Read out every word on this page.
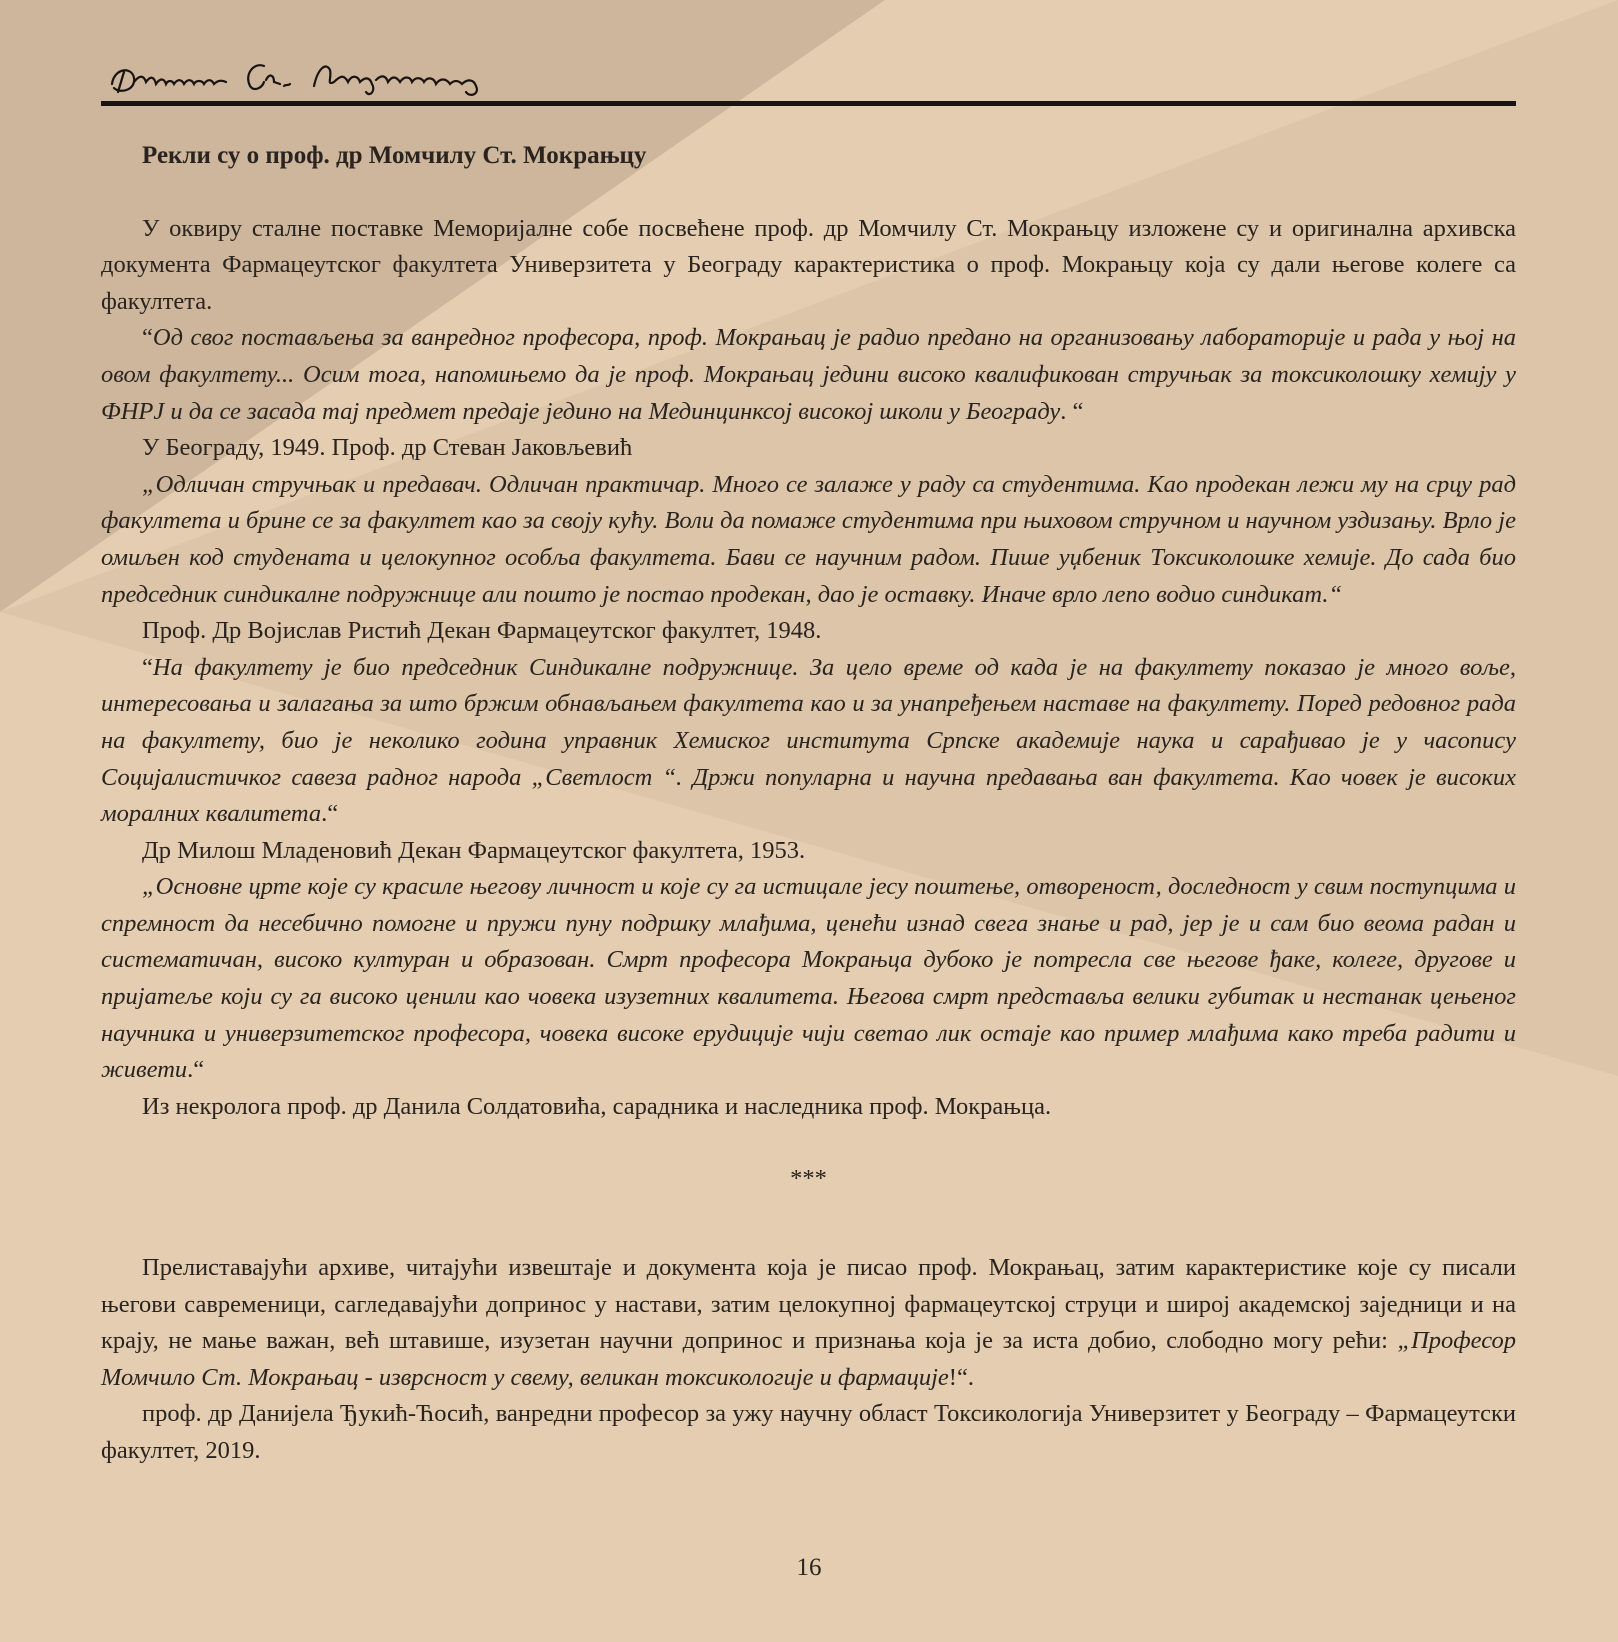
Рекли су о проф. др Момчилу Ст. Мокрањцу

У оквиру сталне поставке Меморијалне собе посвећене проф. др Момчилу Ст. Мокрањцу изложене су и оригинална архивска документа Фармацеутског факултета Универзитета у Београду карактеристика о проф. Мокрањцу која су дали његове колеге са факултета.

“Од свог постављења за ванредног професора, проф. Мокрањац је радио предано на организовању лабораторије и рада у њој на овом факултету... Осим тога, напомињемо да је проф. Мокрањац једини високо квалификован стручњак за токсиколошку хемију у ФНРЈ и да се засада тај предмет предаје једино на Мединцинксој високој школи у Београду. “

У Београду, 1949. Проф. др Стеван Јаковљевић

„Одличан стручњак и предавач. Одличан практичар. Много се залаже у раду са студентима. Као продекан лежи му на срцу рад факултета и брине се за факултет као за своју кућу. Воли да помаже студентима при њиховом стручном и научном уздизању. Врло је омиљен код студената и целокупног особља факултета. Бави се научним радом. Пише уџбеник Токсиколошке хемије. До сада био председник синдикалне подружнице али пошто је постао продекан, дао је оставку. Иначе врло лепо водио синдикат.“

Проф. Др Војислав Ристић Декан Фармацеутског факултет, 1948.

“На факултету је био председник Синдикалне подружнице. За цело време од када је на факултету показао је много воље, интересовања и залагања за што бржим обнављањем факултета као и за унапређењем наставе на факултету. Поред редовног рада на факултету, био је неколико година управник Хемиског института Српске академије наука и сарађивао је у часопису Социјалистичког савеза радног народа „Светлост “. Држи популарна и научна предавања ван факултета. Као човек је високих моралних квалитета.“

Др Милош Младеновић Декан Фармацеутског факултета, 1953.

„Основне црте које су красиле његову личност и које су га истицале јесу поштење, отвореност, доследност у свим поступцима и спремност да несебично помогне и пружи пуну подршку млађима, ценећи изнад свега знање и рад, јер је и сам био веома радан и систематичан, високо културан и образован. Смрт професора Мокрањца дубоко је потресла све његове ђаке, колеге, другове и пријатеље који су га високо ценили као човека изузетних квалитета. Његова смрт представља велики губитак и нестанак цењеног научника и универзитетског професора, човека високе ерудиције чији светао лик остаје као пример млађима како треба радити и живети.“

Из некролога проф. др Данила Солдатовића, сарадника и наследника проф. Мокрањца.

***

Прелиставајући архиве, читајући извештаје и документа која је писао проф. Мокрањац, затим карактеристике које су писали његови савременици, сагледавајући допринос у настави, затим целокупној фармацеутској струци и широј академској заједници и на крају, не мање важан, већ штавише, изузетан научни допринос и признања која је за иста добио, слободно могу рећи: „Професор Момчило Ст. Мокрањац - изврсност у свему, великан токсикологије и фармације!“.

проф. др Данијела Ђукић-Ћосић, ванредни професор за ужу научну област Токсикологија Универзитет у Београду – Фармацеутски факултет, 2019.

16
